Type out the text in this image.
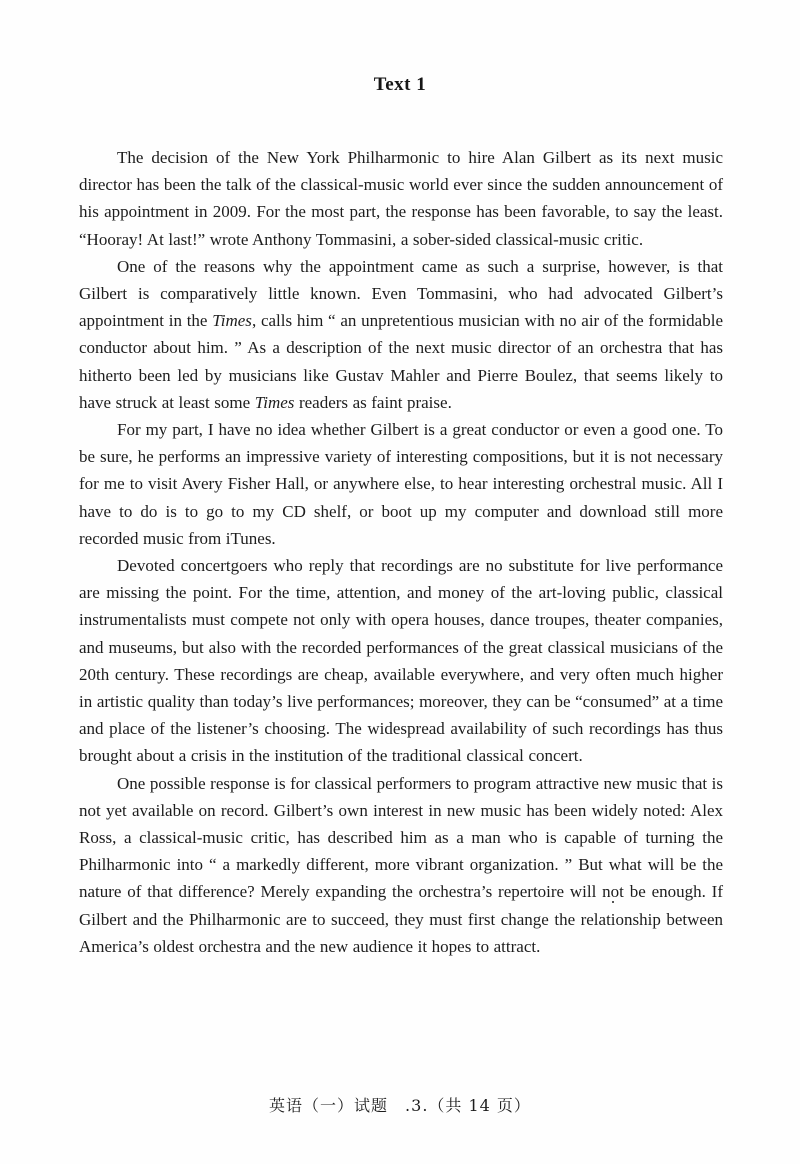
Text 1

The decision of the New York Philharmonic to hire Alan Gilbert as its next music director has been the talk of the classical-music world ever since the sudden announcement of his appointment in 2009. For the most part, the response has been favorable, to say the least. “Hooray! At last!” wrote Anthony Tommasini, a sober-sided classical-music critic.

One of the reasons why the appointment came as such a surprise, however, is that Gilbert is comparatively little known. Even Tommasini, who had advocated Gilbert’s appointment in the Times, calls him “ an unpretentious musician with no air of the formidable conductor about him. ” As a description of the next music director of an orchestra that has hitherto been led by musicians like Gustav Mahler and Pierre Boulez, that seems likely to have struck at least some Times readers as faint praise.

For my part, I have no idea whether Gilbert is a great conductor or even a good one. To be sure, he performs an impressive variety of interesting compositions, but it is not necessary for me to visit Avery Fisher Hall, or anywhere else, to hear interesting orchestral music. All I have to do is to go to my CD shelf, or boot up my computer and download still more recorded music from iTunes.

Devoted concertgoers who reply that recordings are no substitute for live performance are missing the point. For the time, attention, and money of the art-loving public, classical instrumentalists must compete not only with opera houses, dance troupes, theater companies, and museums, but also with the recorded performances of the great classical musicians of the 20th century. These recordings are cheap, available everywhere, and very often much higher in artistic quality than today’s live performances; moreover, they can be “consumed” at a time and place of the listener’s choosing. The widespread availability of such recordings has thus brought about a crisis in the institution of the traditional classical concert.

One possible response is for classical performers to program attractive new music that is not yet available on record. Gilbert’s own interest in new music has been widely noted: Alex Ross, a classical-music critic, has described him as a man who is capable of turning the Philharmonic into “ a markedly different, more vibrant organization. ” But what will be the nature of that difference? Merely expanding the orchestra’s repertoire will not be enough. If Gilbert and the Philharmonic are to succeed, they must first change the relationship between America’s oldest orchestra and the new audience it hopes to attract.

英语（一）试题　.3.（共 14 页）
